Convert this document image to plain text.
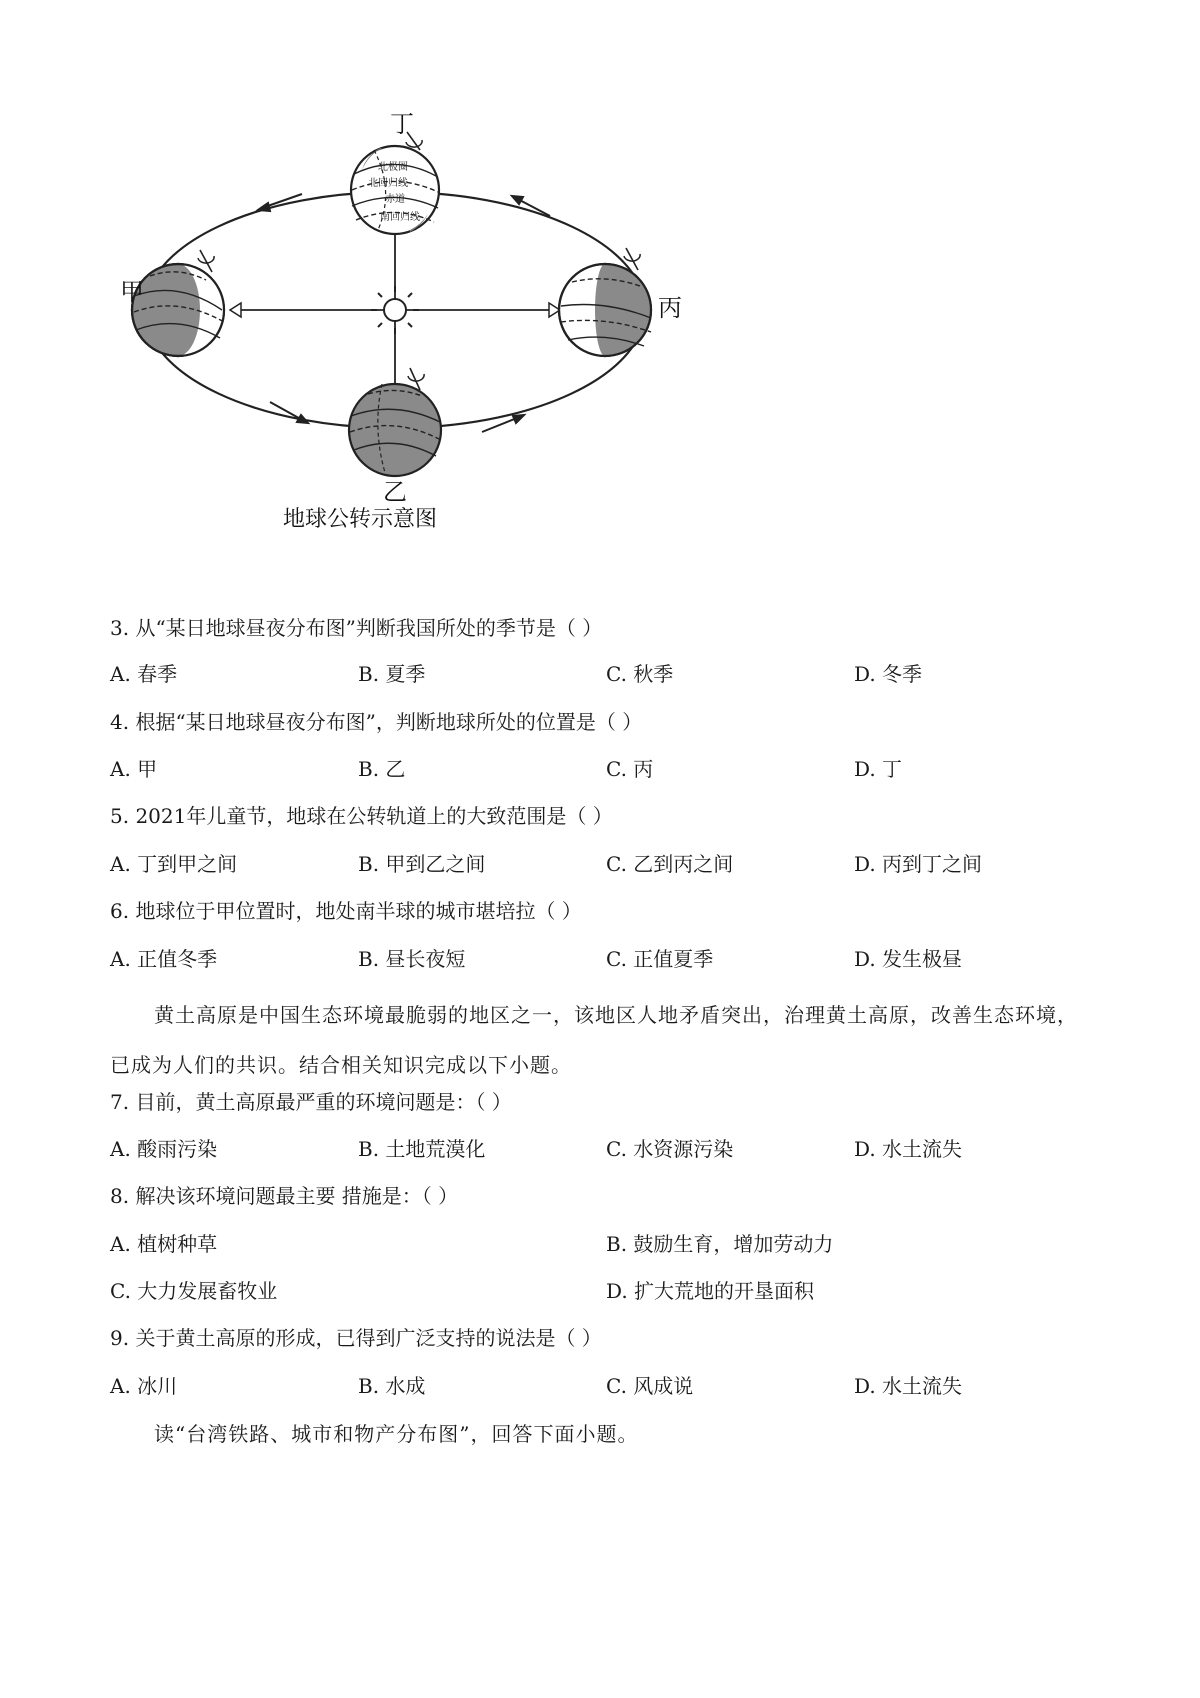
北极圈
北回归线
赤道
南回归线
丁
甲
丙
乙
地球公转示意图
3. 从“某日地球昼夜分布图”判断我国所处的季节是（ ）
A. 春季	B. 夏季	C. 秋季	D. 冬季
4. 根据“某日地球昼夜分布图”，判断地球所处的位置是（ ）
A. 甲	B. 乙	C. 丙	D. 丁
5. 2021年儿童节，地球在公转轨道上的大致范围是（ ）
A. 丁到甲之间	B. 甲到乙之间	C. 乙到丙之间	D. 丙到丁之间
6. 地球位于甲位置时，地处南半球的城市堪培拉（ ）
A. 正值冬季	B. 昼长夜短	C. 正值夏季	D. 发生极昼
黄土高原是中国生态环境最脆弱的地区之一，该地区人地矛盾突出，治理黄土高原，改善生态环境，已成为人们的共识。结合相关知识完成以下小题。
7. 目前，黄土高原最严重的环境问题是：（ ）
A. 酸雨污染	B. 土地荒漠化	C. 水资源污染	D. 水土流失
8. 解决该环境问题最主要 措施是：（ ）
A. 植树种草	B. 鼓励生育，增加劳动力
C. 大力发展畜牧业	D. 扩大荒地的开垦面积
9. 关于黄土高原的形成，已得到广泛支持的说法是（ ）
A. 冰川	B. 水成	C. 风成说	D. 水土流失
读“台湾铁路、城市和物产分布图”，回答下面小题。
